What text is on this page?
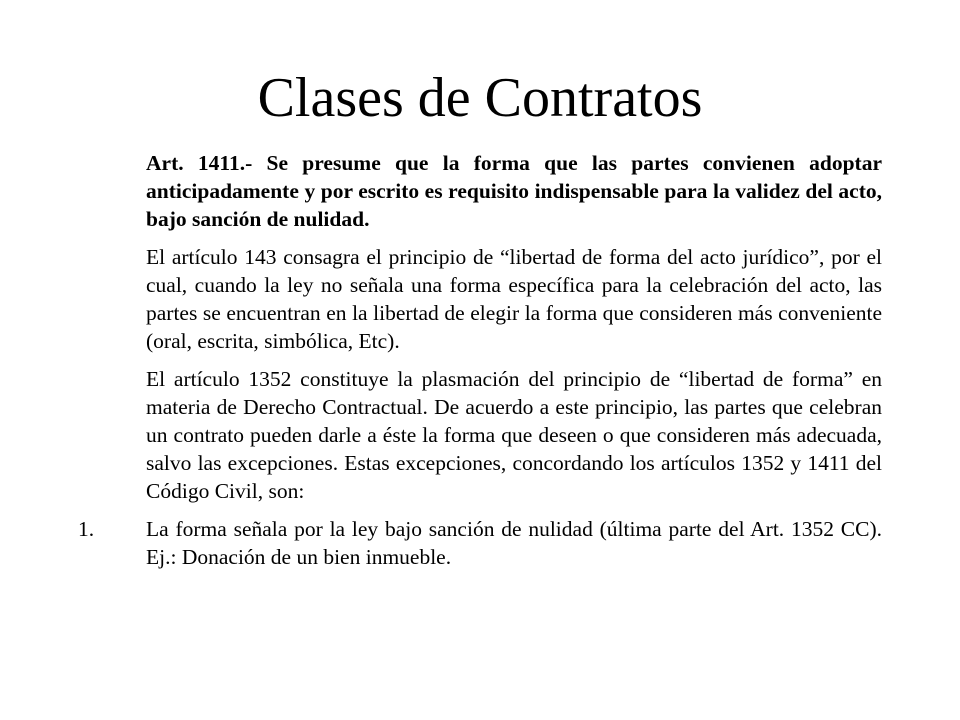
Clases de Contratos

Art. 1411.- Se presume que la forma que las partes convienen adoptar anticipadamente y por escrito es requisito indispensable para la validez del acto, bajo sanción de nulidad.

El artículo 143 consagra el principio de “libertad de forma del acto jurídico”, por el cual, cuando la ley no señala una forma específica para la celebración del acto, las partes se encuentran en la libertad de elegir la forma que consideren más conveniente (oral, escrita, simbólica, Etc).

El artículo 1352 constituye la plasmación del principio de “libertad de forma” en materia de Derecho Contractual. De acuerdo a este principio, las partes que celebran un contrato pueden darle a éste la forma que deseen o que consideren más adecuada, salvo las excepciones. Estas excepciones, concordando los artículos 1352 y 1411 del Código Civil, son:

1.	La forma señala por la ley bajo sanción de nulidad (última parte del Art. 1352 CC). Ej.: Donación de un bien inmueble.
